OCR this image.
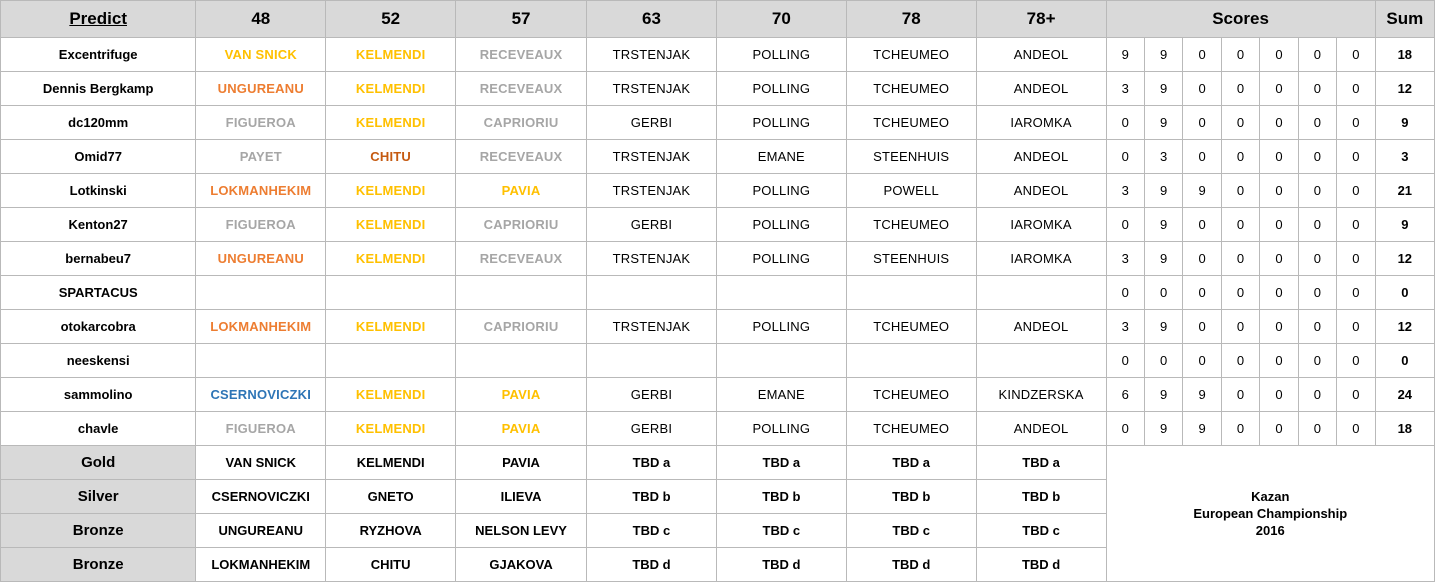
Predict	48	52	57	63	70	78	78+	Scores							Sum
Excentrifuge	VAN SNICK	KELMENDI	RECEVEAUX	TRSTENJAK	POLLING	TCHEUMEO	ANDEOL	9	9	0	0	0	0	0	18
Dennis Bergkamp	UNGUREANU	KELMENDI	RECEVEAUX	TRSTENJAK	POLLING	TCHEUMEO	ANDEOL	3	9	0	0	0	0	0	12
dc120mm	FIGUEROA	KELMENDI	CAPRIORIU	GERBI	POLLING	TCHEUMEO	IAROMKA	0	9	0	0	0	0	0	9
Omid77	PAYET	CHITU	RECEVEAUX	TRSTENJAK	EMANE	STEENHUIS	ANDEOL	0	3	0	0	0	0	0	3
Lotkinski	LOKMANHEKIM	KELMENDI	PAVIA	TRSTENJAK	POLLING	POWELL	ANDEOL	3	9	9	0	0	0	0	21
Kenton27	FIGUEROA	KELMENDI	CAPRIORIU	GERBI	POLLING	TCHEUMEO	IAROMKA	0	9	0	0	0	0	0	9
bernabeu7	UNGUREANU	KELMENDI	RECEVEAUX	TRSTENJAK	POLLING	STEENHUIS	IAROMKA	3	9	0	0	0	0	0	12
SPARTACUS								0	0	0	0	0	0	0	0
otokarcobra	LOKMANHEKIM	KELMENDI	CAPRIORIU	TRSTENJAK	POLLING	TCHEUMEO	ANDEOL	3	9	0	0	0	0	0	12
neeskensi								0	0	0	0	0	0	0	0
sammolino	CSERNOVICZKI	KELMENDI	PAVIA	GERBI	EMANE	TCHEUMEO	KINDZERSKA	6	9	9	0	0	0	0	24
chavle	FIGUEROA	KELMENDI	PAVIA	GERBI	POLLING	TCHEUMEO	ANDEOL	0	9	9	0	0	0	0	18
Gold	VAN SNICK	KELMENDI	PAVIA	TBD a	TBD a	TBD a	TBD a	Kazan
European Championship
2016							

Silver	CSERNOVICZKI	GNETO	ILIEVA	TBD b	TBD b	TBD b	TBD b								
Bronze	UNGUREANU	RYZHOVA	NELSON LEVY	TBD c	TBD c	TBD c	TBD c								
Bronze	LOKMANHEKIM	CHITU	GJAKOVA	TBD d	TBD d	TBD d	TBD d								
